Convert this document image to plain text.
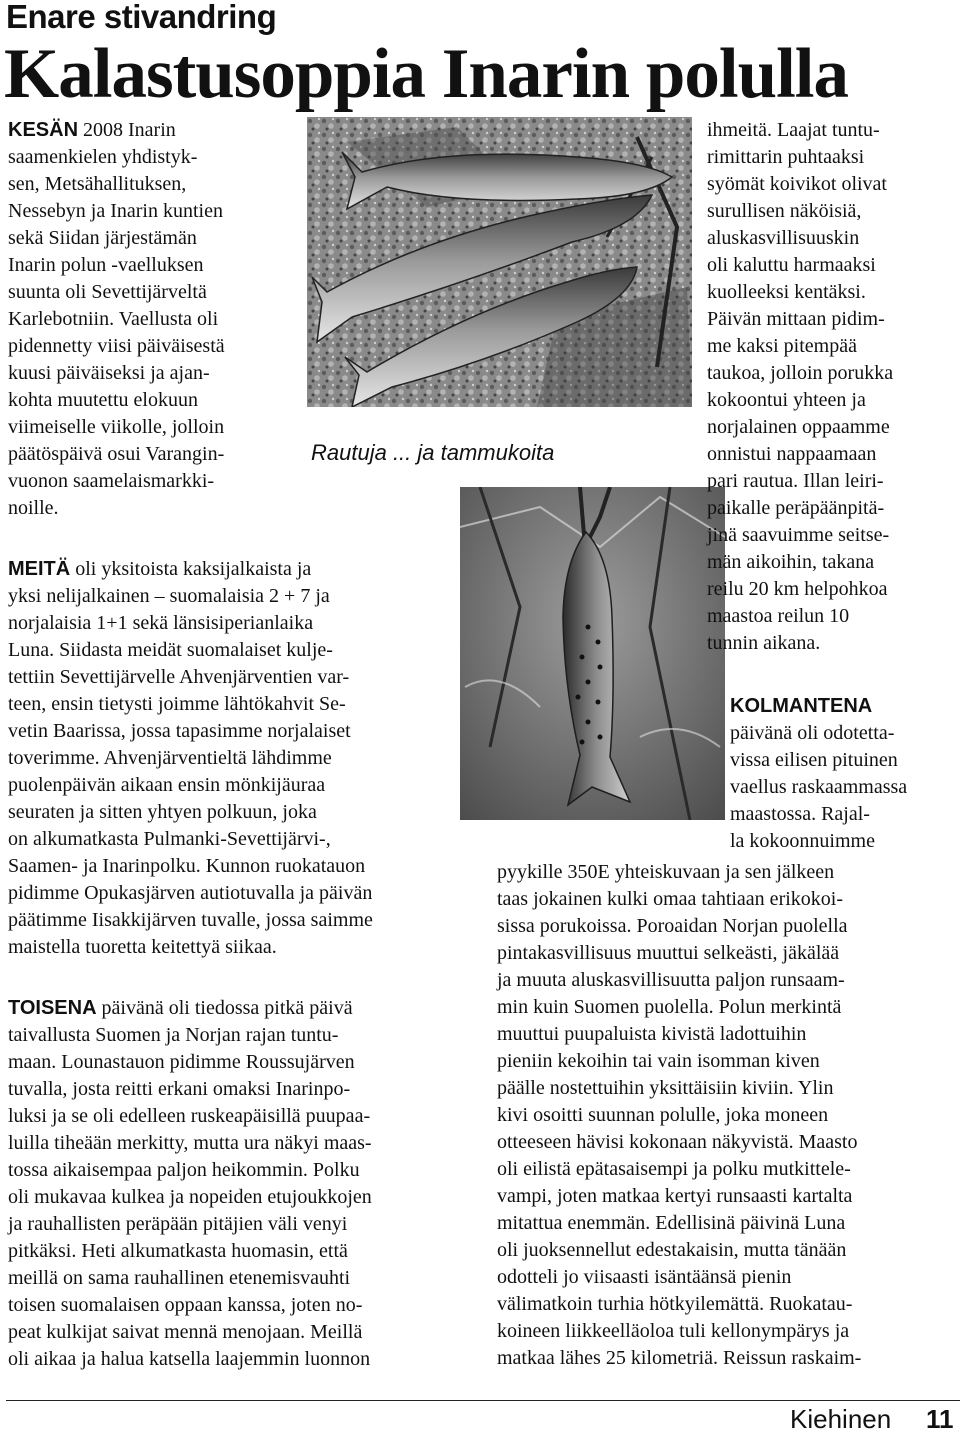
Enare stivandring
Kalastusoppia Inarin polulla
KESÄN 2008 Inarin
saamenkielen yhdistyk-
sen, Metsähallituksen,
Nessebyn ja Inarin kuntien
sekä Siidan järjestämän
Inarin polun -vaelluksen
suunta oli Sevettijärveltä
Karlebotniin. Vaellusta oli
pidennetty viisi päiväisestä
kuusi päiväiseksi ja ajan-
kohta muutettu elokuun
viimeiselle viikolle, jolloin
päätöspäivä osui Varangin-
vuonon saamelaismarkki-
noille.
MEITÄ oli yksitoista kaksijalkaista ja
yksi nelijalkainen – suomalaisia 2 + 7 ja
norjalaisia 1+1 sekä länsisiperianlaika
Luna. Siidasta meidät suomalaiset kulje-
tettiin Sevettijärvelle Ahvenjärventien var-
teen, ensin tietysti joimme lähtökahvit Se-
vetin Baarissa, jossa tapasimme norjalaiset
toverimme. Ahvenjärventieltä lähdimme
puolenpäivän aikaan ensin mönkijäuraa
seuraten ja sitten yhtyen polkuun, joka
on alkumatkasta Pulmanki-Sevettijärvi-,
Saamen- ja Inarinpolku. Kunnon ruokatauon
pidimme Opukasjärven autiotuvalla ja päivän
päätimme Iisakkijärven tuvalle, jossa saimme
maistella tuoretta keitettyä siikaa.
TOISENA päivänä oli tiedossa pitkä päivä
taivallusta Suomen ja Norjan rajan tuntu-
maan. Lounastauon pidimme Roussujärven
tuvalla, josta reitti erkani omaksi Inarinpo-
luksi ja se oli edelleen ruskeapäisillä puupaa-
luilla tiheään merkitty, mutta ura näkyi maas-
tossa aikaisempaa paljon heikommin. Polku
oli mukavaa kulkea ja nopeiden etujoukkojen
ja rauhallisten peräpään pitäjien väli venyi
pitkäksi. Heti alkumatkasta huomasin, että
meillä on sama rauhallinen etenemisvauhti
toisen suomalaisen oppaan kanssa, joten no-
peat kulkijat saivat mennä menojaan. Meillä
oli aikaa ja halua katsella laajemmin luonnon
Rautuja ... ja tammukoita
ihmeitä. Laajat tuntu-
rimittarin puhtaaksi
syömät koivikot olivat
surullisen näköisiä,
aluskasvillisuuskin
oli kaluttu harmaaksi
kuolleeksi kentäksi.
Päivän mittaan pidim-
me kaksi pitempää
taukoa, jolloin porukka
kokoontui yhteen ja
norjalainen oppaamme
onnistui nappaamaan
pari rautua. Illan leiri-
paikalle peräpäänpitä-
jinä saavuimme seitse-
män aikoihin, takana
reilu 20 km helpohkoa
maastoa reilun 10
tunnin aikana.
KOLMANTENA
päivänä oli odotetta-
vissa eilisen pituinen
vaellus raskaammassa
maastossa. Rajal-
la kokoonnuimme
pyykille 350E yhteiskuvaan ja sen jälkeen
taas jokainen kulki omaa tahtiaan erikokoi-
sissa porukoissa. Poroaidan Norjan puolella
pintakasvillisuus muuttui selkeästi, jäkälää
ja muuta aluskasvillisuutta paljon runsaam-
min kuin Suomen puolella. Polun merkintä
muuttui puupaluista kivistä ladottuihin
pieniin kekoihin tai vain isomman kiven
päälle nostettuihin yksittäisiin kiviin. Ylin
kivi osoitti suunnan polulle, joka moneen
otteeseen hävisi kokonaan näkyvistä. Maasto
oli eilistä epätasaisempi ja polku mutkittele-
vampi, joten matkaa kertyi runsaasti kartalta
mitattua enemmän. Edellisinä päivinä Luna
oli juoksennellut edestakaisin, mutta tänään
odotteli jo viisaasti isäntäänsä pienin
välimatkoin turhia hötkyilemättä. Ruokatau-
koineen liikkeelläoloa tuli kellonympärys ja
matkaa lähes 25 kilometriä. Reissun raskaim-
Kiehinen 11
